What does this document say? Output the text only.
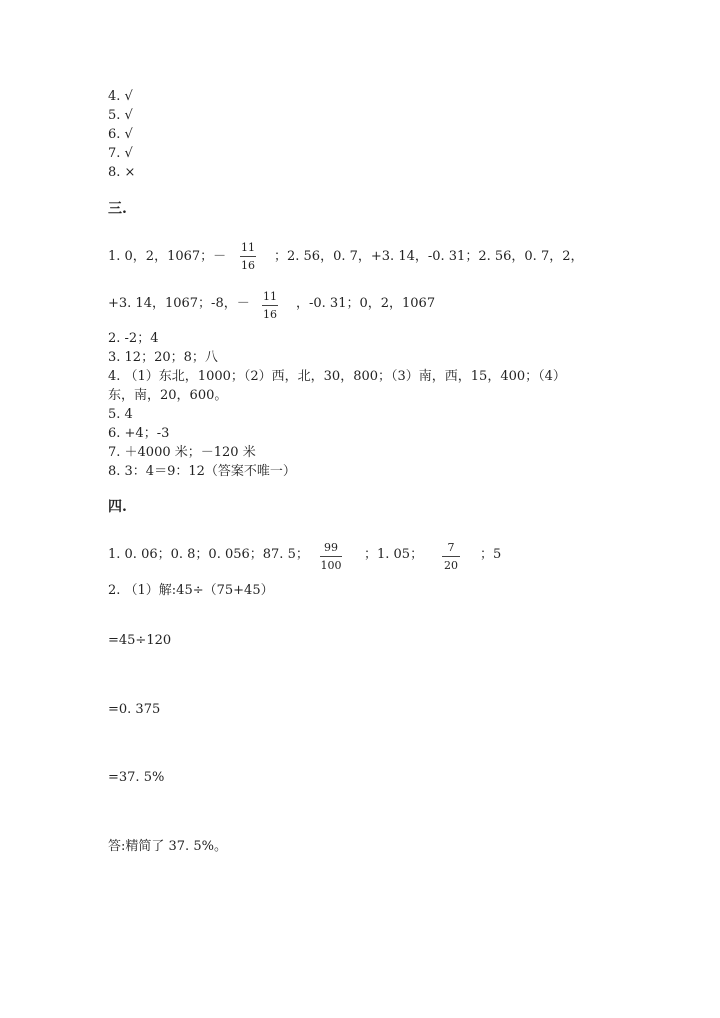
4. √
5. √
6. √
7. √
8. ×
三.
1. 0，2，1067；－
11
16
；2. 56，0. 7，+3. 14，-0. 31；2. 56，0. 7，2，
+3. 14，1067；-8，－ 11
16
，-0. 31；0，2，1067
2. -2；4
3. 12；20；8；八
4. （1）东北，1000；（2）西，北，30，800；（3）南，西，15，400；（4）
东，南，20，600。
5. 4
6. +4；-3
7. ＋4000 米；－120 米
8. 3：4＝9：12（答案不唯一）
四.
1. 0. 06；0. 8；0. 056；87. 5； 99
100
；1. 05； 7
20
；5
2. （1）解:45÷（75+45）
=45÷120
=0. 375
=37. 5%
答:精简了 37. 5%。
